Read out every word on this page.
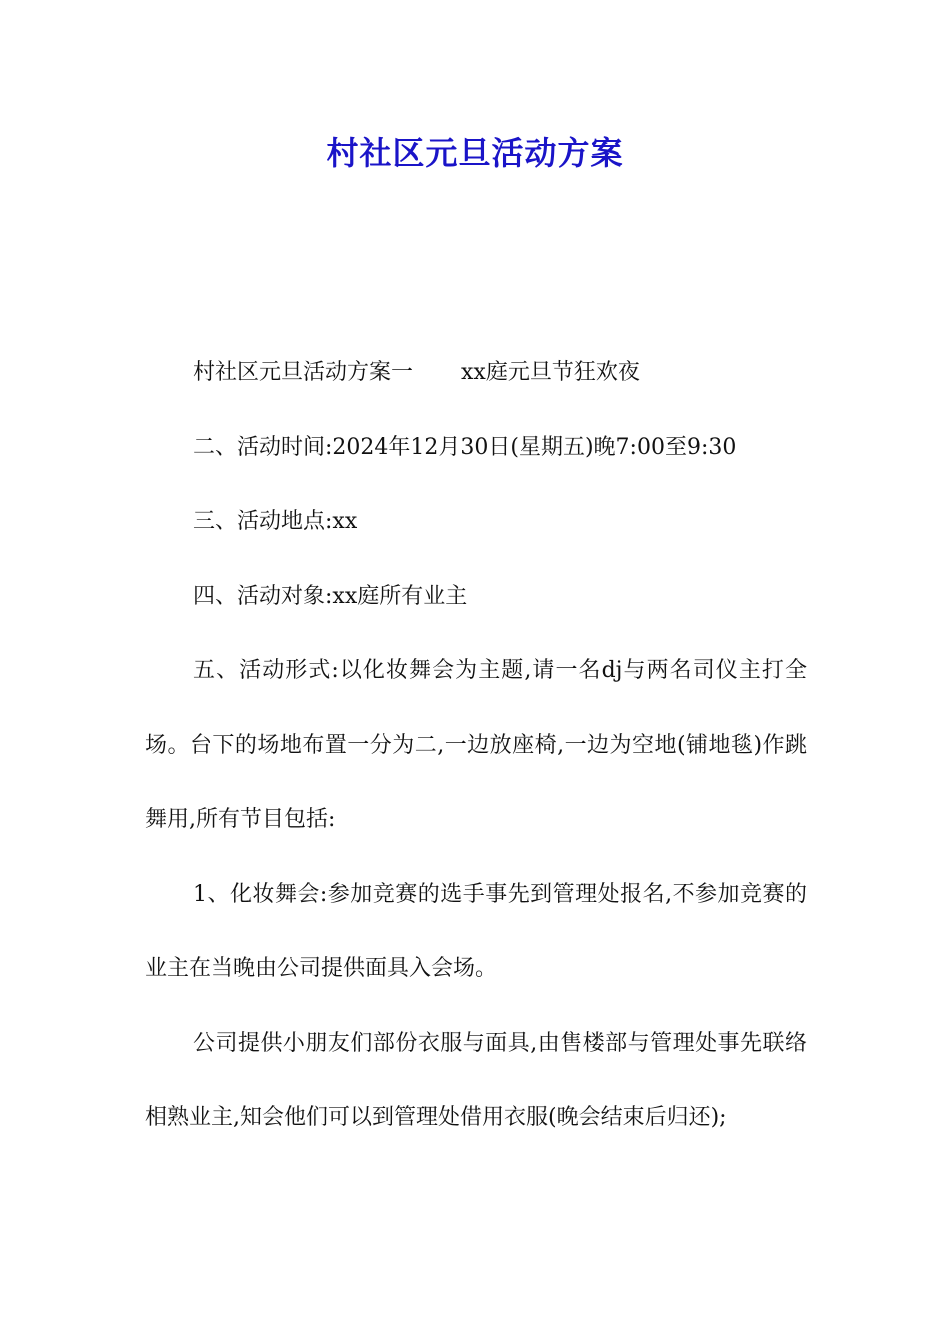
村社区元旦活动方案

村社区元旦活动方案一 xx庭元旦节狂欢夜

二、活动时间:2024年12月30日(星期五)晚7:00至9:30

三、活动地点:xx

四、活动对象:xx庭所有业主

五、活动形式:以化妆舞会为主题,请一名dj与两名司仪主打全场。台下的场地布置一分为二,一边放座椅,一边为空地(铺地毯)作跳舞用,所有节目包括:

1、化妆舞会:参加竞赛的选手事先到管理处报名,不参加竞赛的业主在当晚由公司提供面具入会场。

公司提供小朋友们部份衣服与面具,由售楼部与管理处事先联络相熟业主,知会他们可以到管理处借用衣服(晚会结束后归还);
